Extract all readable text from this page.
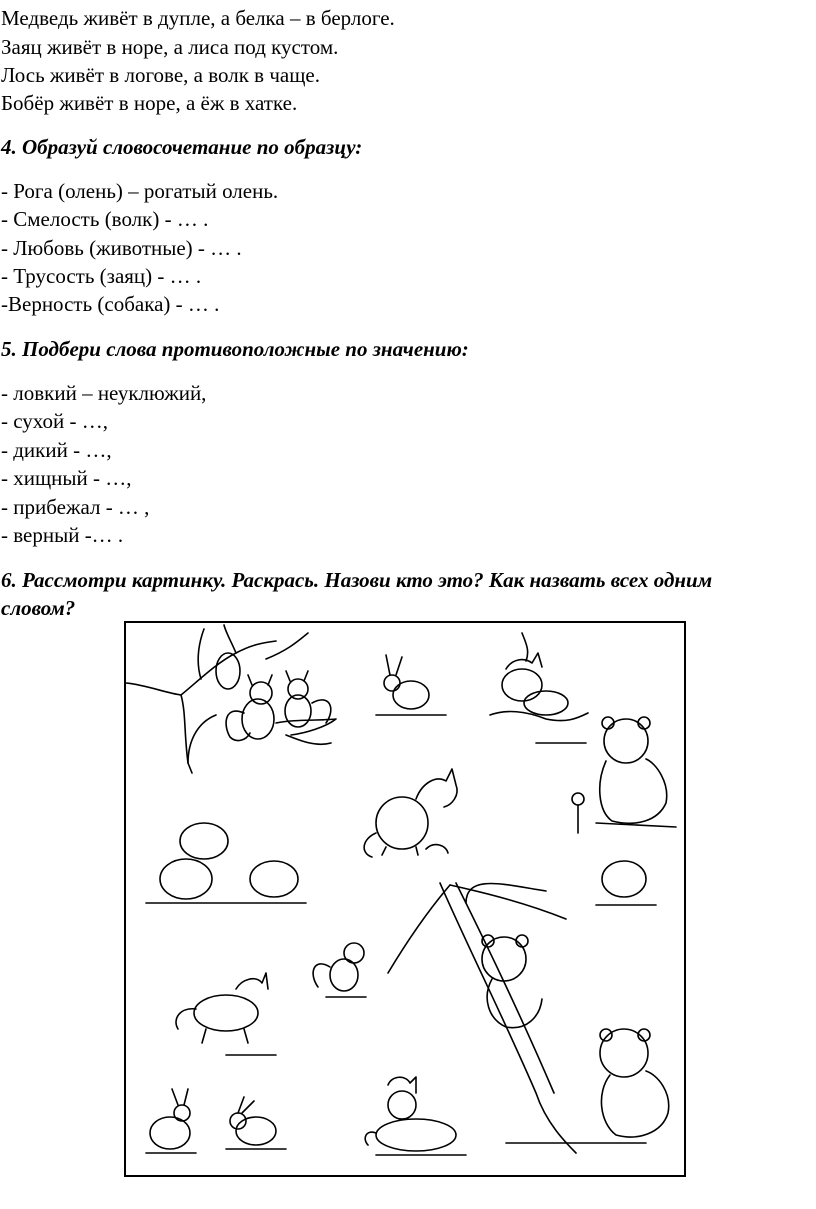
Медведь живёт в дупле, а белка – в берлоге.
Заяц живёт в норе, а лиса под кустом.
Лось живёт в логове, а волк в чаще.
Бобёр живёт в норе, а ёж в хатке.
4. Образуй словосочетание по образцу:
- Рога (олень) – рогатый олень.
- Смелость (волк) - … .
- Любовь (животные) - … .
- Трусость (заяц) - … .
-Верность (собака) - … .
5. Подбери слова противоположные по значению:
- ловкий – неуклюжий,
- сухой - …,
- дикий - …,
- хищный - …,
- прибежал - … ,
- верный -… .
6. Рассмотри картинку. Раскрась. Назови кто это? Как назвать всех одним
словом?
